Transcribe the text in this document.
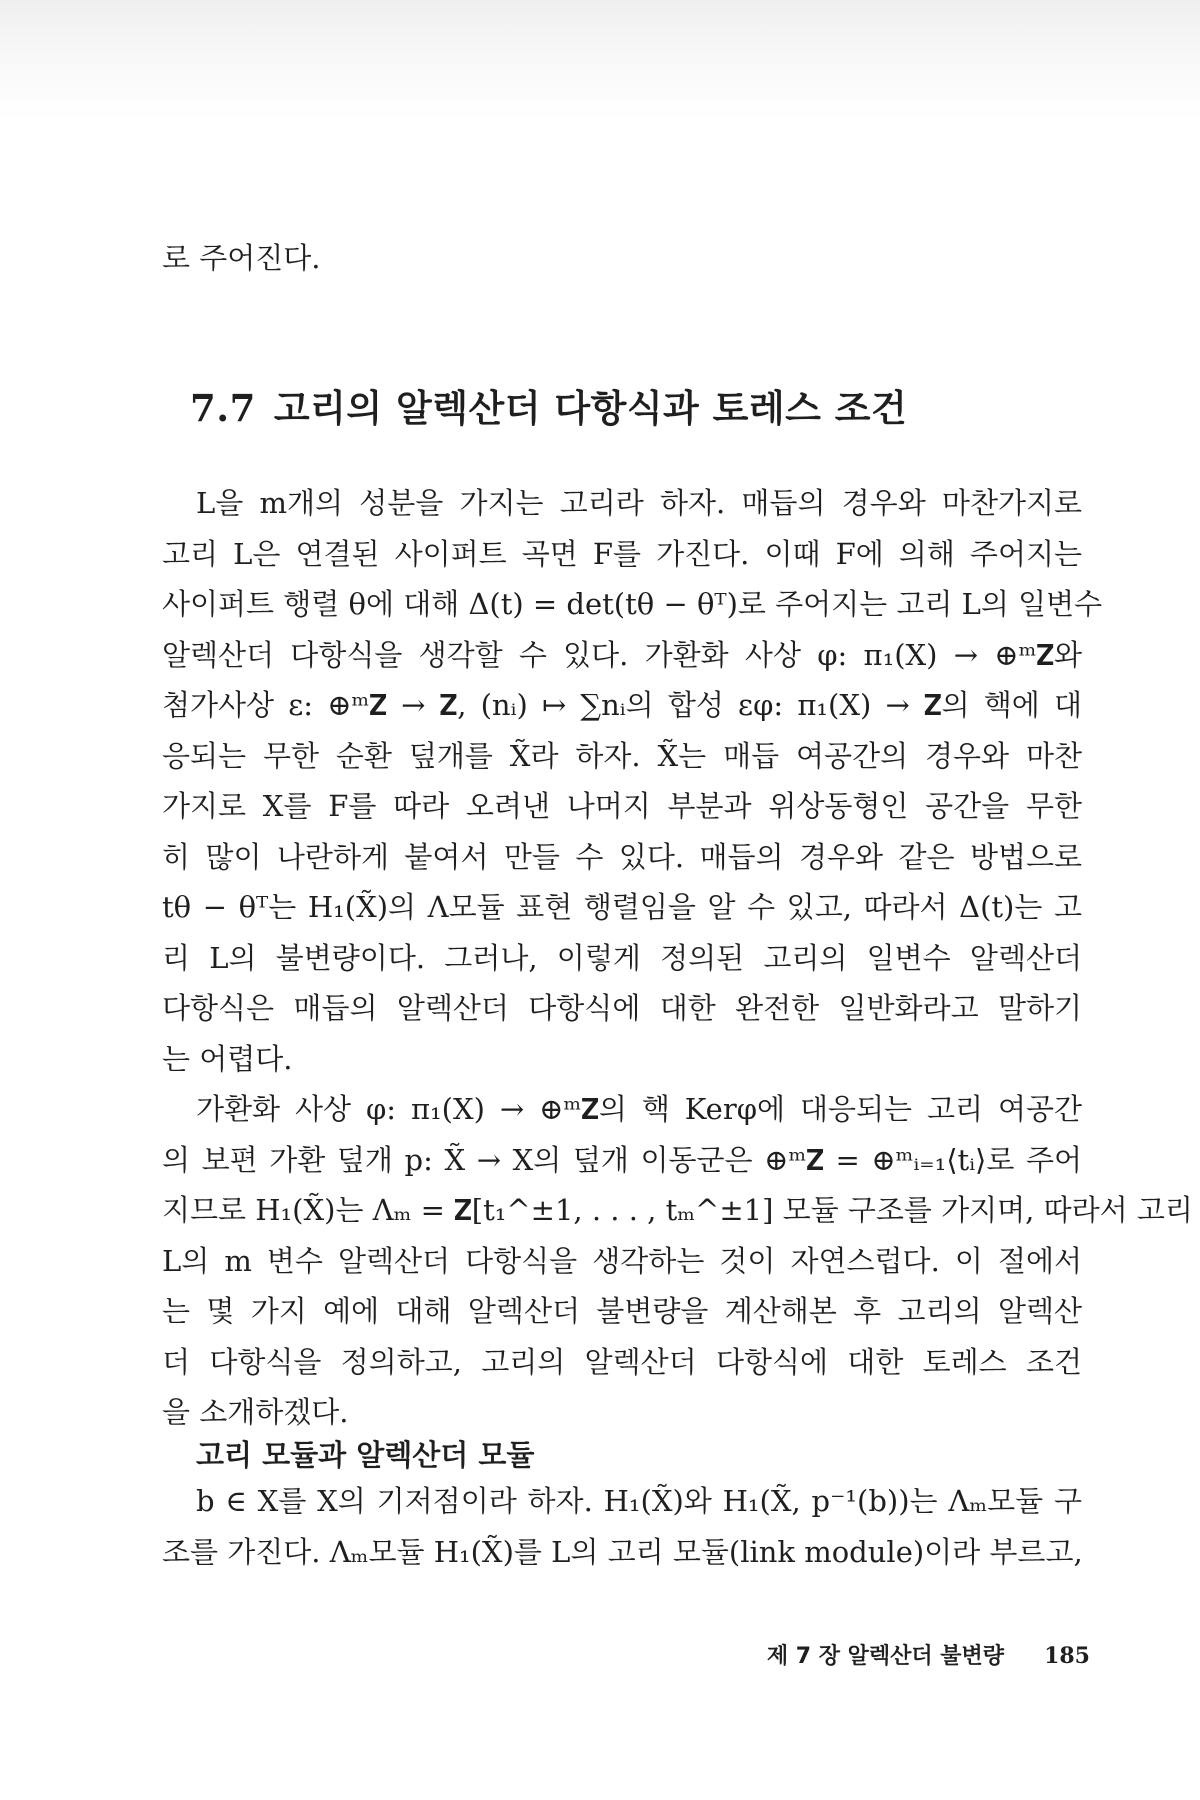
로 주어진다.
7.7 고리의 알렉산더 다항식과 토레스 조건

L을 m개의 성분을 가지는 고리라 하자. 매듭의 경우와 마찬가지로

고리 L은 연결된 사이퍼트 곡면 F를 가진다. 이때 F에 의해 주어지는

사이퍼트 행렬 θ에 대해 Δ(t) = det(tθ − θᵀ)로 주어지는 고리 L의 일변수

알렉산더 다항식을 생각할 수 있다. 가환화 사상 φ: π₁(X) → ⊕ᵐ𝐙와

첨가사상 ε: ⊕ᵐ𝐙 → 𝐙, (nᵢ) ↦ ∑nᵢ의 합성 εφ: π₁(X) → 𝐙의 핵에 대

응되는 무한 순환 덮개를 X̃라 하자. X̃는 매듭 여공간의 경우와 마찬

가지로 X를 F를 따라 오려낸 나머지 부분과 위상동형인 공간을 무한

히 많이 나란하게 붙여서 만들 수 있다. 매듭의 경우와 같은 방법으로

tθ − θᵀ는 H₁(X̃)의 Λ모듈 표현 행렬임을 알 수 있고, 따라서 Δ(t)는 고

리 L의 불변량이다. 그러나, 이렇게 정의된 고리의 일변수 알렉산더

다항식은 매듭의 알렉산더 다항식에 대한 완전한 일반화라고 말하기

는 어렵다.

가환화 사상 φ: π₁(X) → ⊕ᵐ𝐙의 핵 Kerφ에 대응되는 고리 여공간

의 보편 가환 덮개 p: X̃ → X의 덮개 이동군은 ⊕ᵐ𝐙 = ⊕ᵐᵢ₌₁⟨tᵢ⟩로 주어

지므로 H₁(X̃)는 Λₘ = 𝐙[t₁^±1, . . . , tₘ^±1] 모듈 구조를 가지며, 따라서 고리

L의 m 변수 알렉산더 다항식을 생각하는 것이 자연스럽다. 이 절에서

는 몇 가지 예에 대해 알렉산더 불변량을 계산해본 후 고리의 알렉산

더 다항식을 정의하고, 고리의 알렉산더 다항식에 대한 토레스 조건

을 소개하겠다.

고리 모듈과 알렉산더 모듈

b ∈ X를 X의 기저점이라 하자. H₁(X̃)와 H₁(X̃, p⁻¹(b))는 Λₘ모듈 구

조를 가진다. Λₘ모듈 H₁(X̃)를 L의 고리 모듈(link module)이라 부르고,

제 7 장 알렉산더 불변량 185
